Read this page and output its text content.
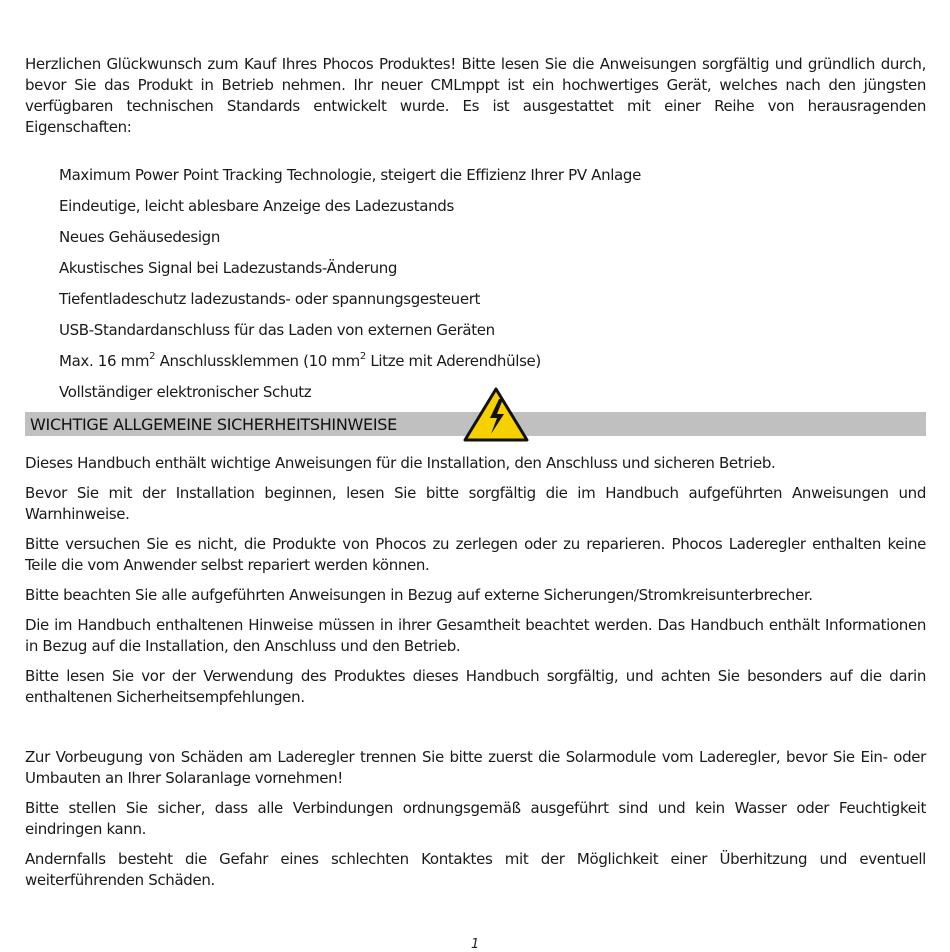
Herzlichen Glückwunsch zum Kauf Ihres Phocos Produktes! Bitte lesen Sie die Anweisungen sorgfältig und gründlich durch, bevor Sie das Produkt in Betrieb nehmen. Ihr neuer CMLmppt ist ein hochwertiges Gerät, welches nach den jüngsten verfügbaren technischen Standards entwickelt wurde. Es ist ausgestattet mit einer Reihe von herausragenden Eigenschaften:

Maximum Power Point Tracking Technologie, steigert die Effizienz Ihrer PV Anlage
Eindeutige, leicht ablesbare Anzeige des Ladezustands
Neues Gehäusedesign
Akustisches Signal bei Ladezustands-Änderung
Tiefentladeschutz ladezustands- oder spannungsgesteuert
USB-Standardanschluss für das Laden von externen Geräten
Max. 16 $mm^2$ Anschlussklemmen (10 $mm^2$ Litze mit Aderendhülse)
Vollständiger elektronischer Schutz
WICHTIGE ALLGEMEINE SICHERHEITSHINWEISE

Dieses Handbuch enthält wichtige Anweisungen für die Installation, den Anschluss und sicheren Betrieb.

Bevor Sie mit der Installation beginnen, lesen Sie bitte sorgfältig die im Handbuch aufgeführten Anweisungen und Warnhinweise.

Bitte versuchen Sie es nicht, die Produkte von Phocos zu zerlegen oder zu reparieren. Phocos Laderegler enthalten keine Teile die vom Anwender selbst repariert werden können.

Bitte beachten Sie alle aufgeführten Anweisungen in Bezug auf externe Sicherungen/Stromkreisunterbrecher.

Die im Handbuch enthaltenen Hinweise müssen in ihrer Gesamtheit beachtet werden. Das Handbuch enthält Informationen in Bezug auf die Installation, den Anschluss und den Betrieb.

Bitte lesen Sie vor der Verwendung des Produktes dieses Handbuch sorgfältig, und achten Sie besonders auf die darin enthaltenen Sicherheitsempfehlungen.

Zur Vorbeugung von Schäden am Laderegler trennen Sie bitte zuerst die Solarmodule vom Laderegler, bevor Sie Ein- oder Umbauten an Ihrer Solaranlage vornehmen!

Bitte stellen Sie sicher, dass alle Verbindungen ordnungsgemäß ausgeführt sind und kein Wasser oder Feuchtigkeit eindringen kann.

Andernfalls besteht die Gefahr eines schlechten Kontaktes mit der Möglichkeit einer Überhitzung und eventuell weiterführenden Schäden.

1
